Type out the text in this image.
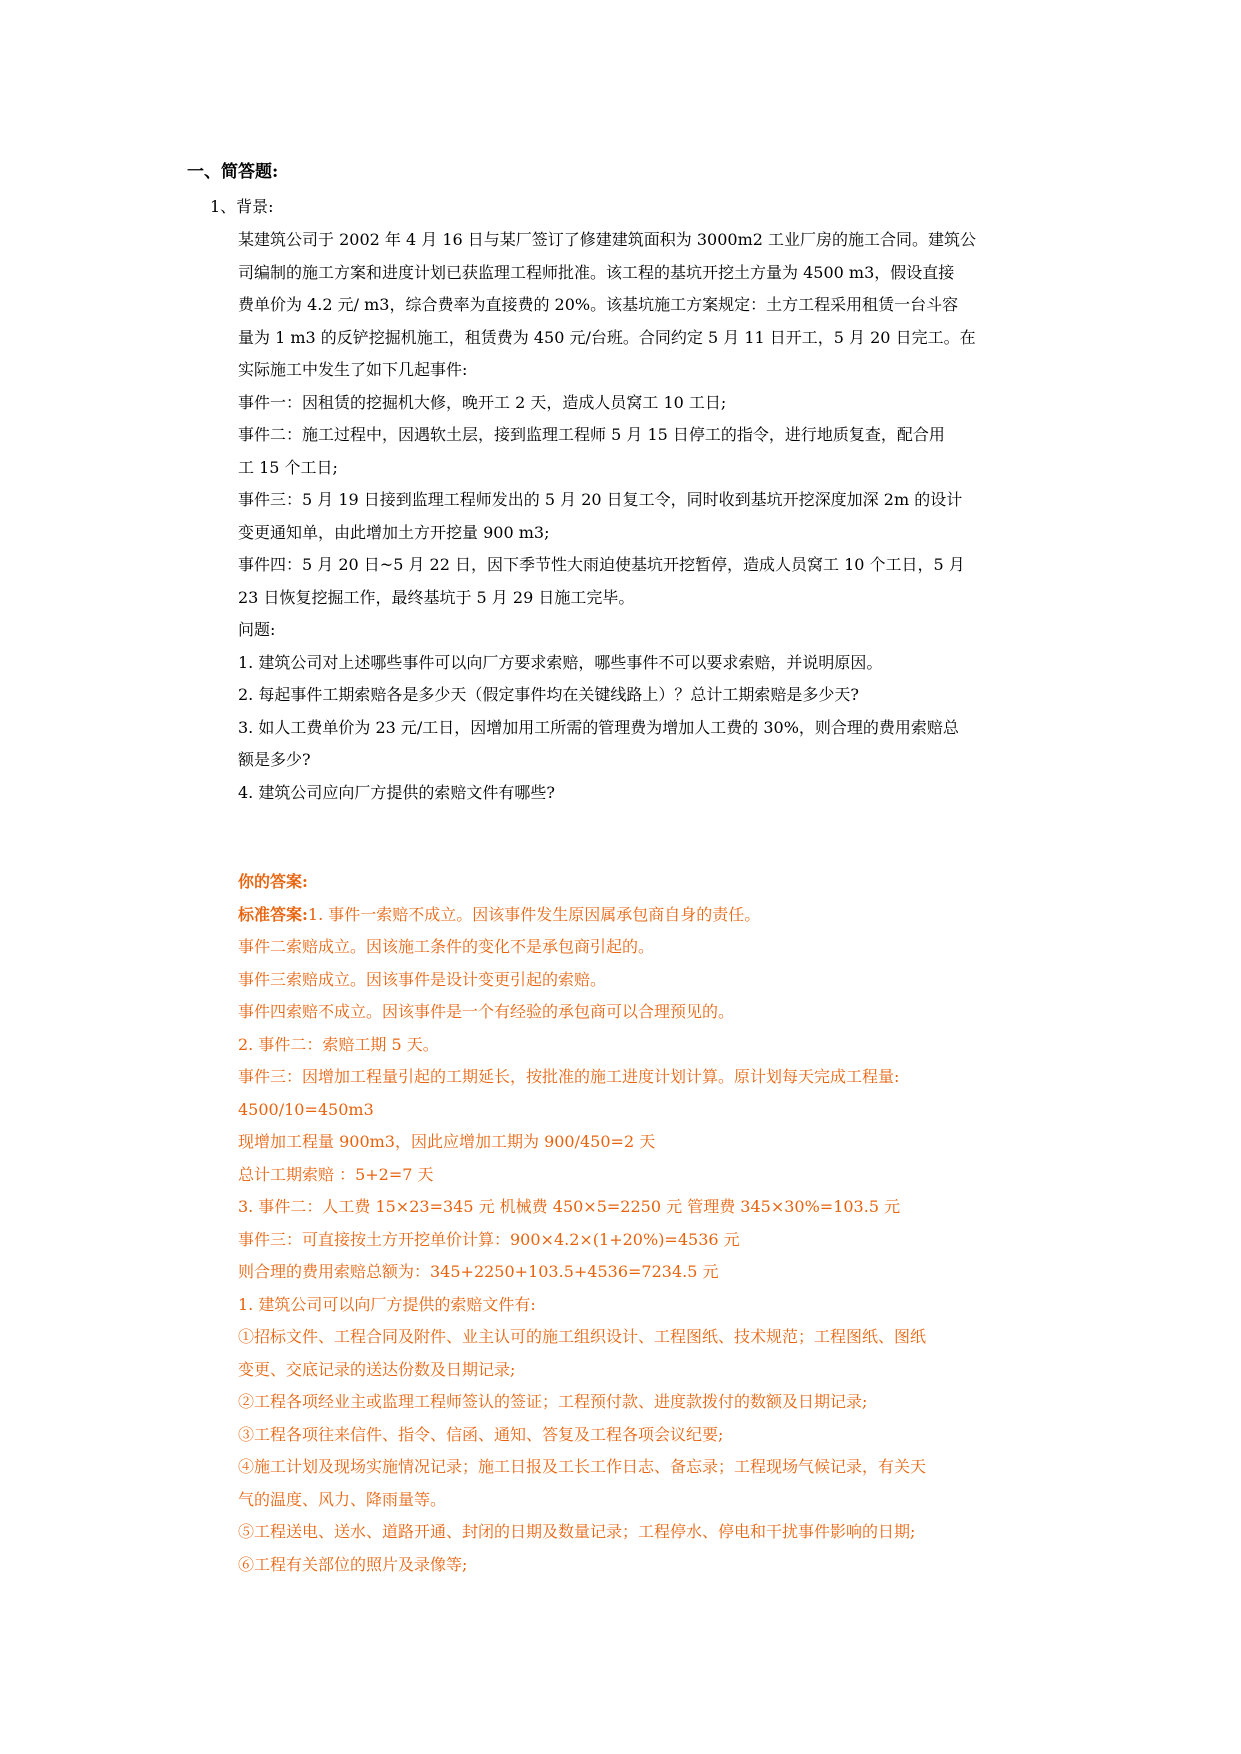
一、简答题:
1、背景:
某建筑公司于 2002 年 4 月 16 日与某厂签订了修建建筑面积为 3000m2 工业厂房的施工合同。建筑公
司编制的施工方案和进度计划已获监理工程师批准。该工程的基坑开挖土方量为 4500 m3，假设直接
费单价为 4.2 元/ m3，综合费率为直接费的 20%。该基坑施工方案规定：土方工程采用租赁一台斗容
量为 1 m3 的反铲挖掘机施工，租赁费为 450 元/台班。合同约定 5 月 11 日开工，5 月 20 日完工。在
实际施工中发生了如下几起事件:
事件一：因租赁的挖掘机大修，晚开工 2 天，造成人员窝工 10 工日;
事件二：施工过程中，因遇软土层，接到监理工程师 5 月 15 日停工的指令，进行地质复查，配合用
工 15 个工日;
事件三：5 月 19 日接到监理工程师发出的 5 月 20 日复工令，同时收到基坑开挖深度加深 2m 的设计
变更通知单，由此增加土方开挖量 900 m3;
事件四：5 月 20 日~5 月 22 日，因下季节性大雨迫使基坑开挖暂停，造成人员窝工 10 个工日，5 月
23 日恢复挖掘工作，最终基坑于 5 月 29 日施工完毕。
问题:
1. 建筑公司对上述哪些事件可以向厂方要求索赔，哪些事件不可以要求索赔，并说明原因。
2. 每起事件工期索赔各是多少天（假定事件均在关键线路上）？总计工期索赔是多少天?
3. 如人工费单价为 23 元/工日，因增加用工所需的管理费为增加人工费的 30%，则合理的费用索赔总
额是多少?
4. 建筑公司应向厂方提供的索赔文件有哪些?
你的答案:
标准答案:1. 事件一索赔不成立。因该事件发生原因属承包商自身的责任。
事件二索赔成立。因该施工条件的变化不是承包商引起的。
事件三索赔成立。因该事件是设计变更引起的索赔。
事件四索赔不成立。因该事件是一个有经验的承包商可以合理预见的。
2. 事件二：索赔工期 5 天。
事件三：因增加工程量引起的工期延长，按批准的施工进度计划计算。原计划每天完成工程量:
4500/10=450m3
现增加工程量 900m3，因此应增加工期为 900/450=2 天
总计工期索赔 ：5+2=7 天
3. 事件二：人工费 15×23=345 元 机械费 450×5=2250 元 管理费 345×30%=103.5 元
事件三：可直接按土方开挖单价计算：900×4.2×(1+20%)=4536 元
则合理的费用索赔总额为：345+2250+103.5+4536=7234.5 元
1. 建筑公司可以向厂方提供的索赔文件有:
①招标文件、工程合同及附件、业主认可的施工组织设计、工程图纸、技术规范；工程图纸、图纸
变更、交底记录的送达份数及日期记录;
②工程各项经业主或监理工程师签认的签证；工程预付款、进度款拨付的数额及日期记录;
③工程各项往来信件、指令、信函、通知、答复及工程各项会议纪要;
④施工计划及现场实施情况记录；施工日报及工长工作日志、备忘录；工程现场气候记录，有关天
气的温度、风力、降雨量等。
⑤工程送电、送水、道路开通、封闭的日期及数量记录；工程停水、停电和干扰事件影响的日期;
⑥工程有关部位的照片及录像等;
